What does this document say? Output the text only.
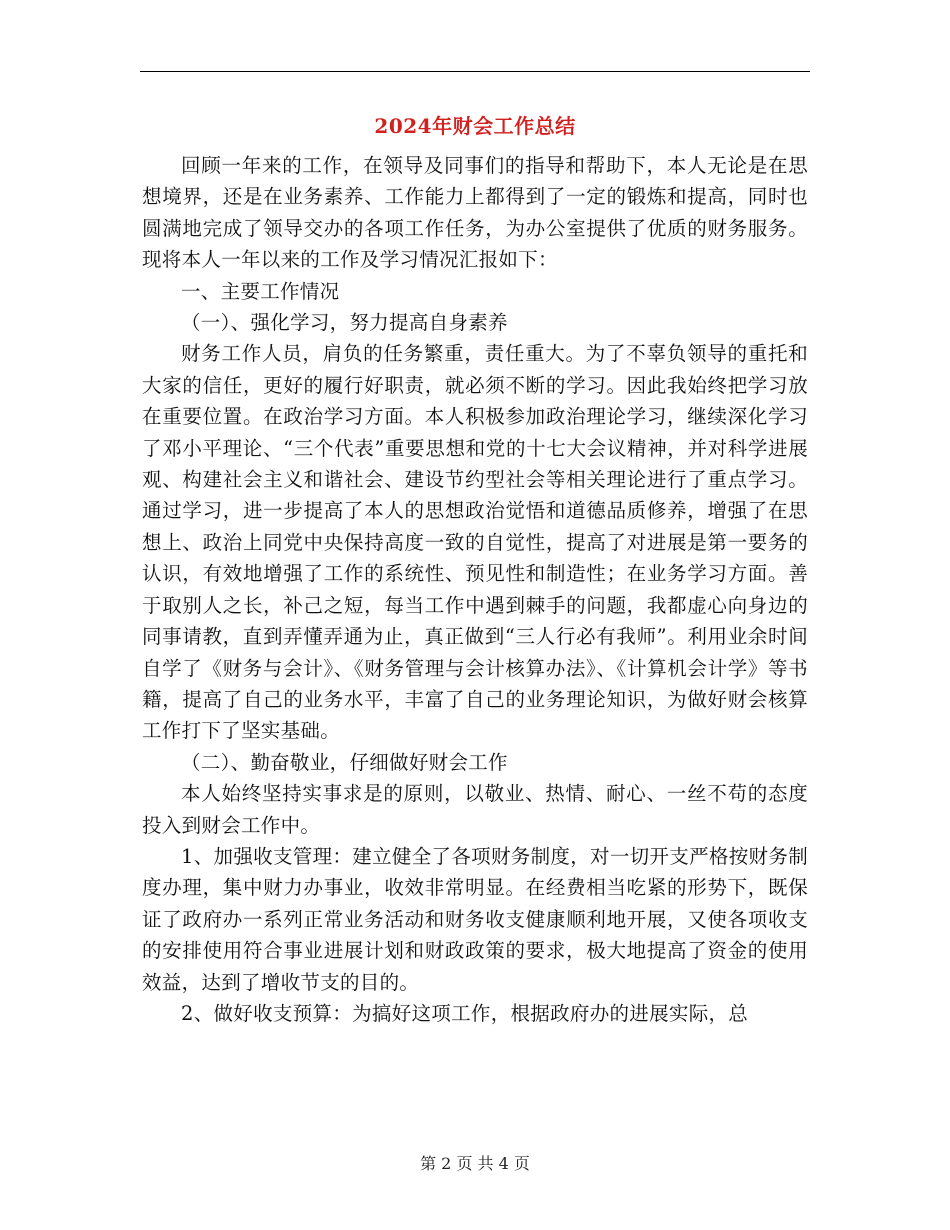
2024年财会工作总结

回顾一年来的工作，在领导及同事们的指导和帮助下，本人无论是在思想境界，还是在业务素养、工作能力上都得到了一定的锻炼和提高，同时也圆满地完成了领导交办的各项工作任务，为办公室提供了优质的财务服务。现将本人一年以来的工作及学习情况汇报如下：

一、主要工作情况

（一）、强化学习，努力提高自身素养

财务工作人员，肩负的任务繁重，责任重大。为了不辜负领导的重托和大家的信任，更好的履行好职责，就必须不断的学习。因此我始终把学习放在重要位置。在政治学习方面。本人积极参加政治理论学习，继续深化学习了邓小平理论、“三个代表”重要思想和党的十七大会议精神，并对科学进展观、构建社会主义和谐社会、建设节约型社会等相关理论进行了重点学习。通过学习，进一步提高了本人的思想政治觉悟和道德品质修养，增强了在思想上、政治上同党中央保持高度一致的自觉性，提高了对进展是第一要务的认识，有效地增强了工作的系统性、预见性和制造性；在业务学习方面。善于取别人之长，补己之短，每当工作中遇到棘手的问题，我都虚心向身边的同事请教，直到弄懂弄通为止，真正做到“三人行必有我师”。利用业余时间自学了《财务与会计》、《财务管理与会计核算办法》、《计算机会计学》等书籍，提高了自己的业务水平，丰富了自己的业务理论知识，为做好财会核算工作打下了坚实基础。

（二）、勤奋敬业，仔细做好财会工作

本人始终坚持实事求是的原则，以敬业、热情、耐心、一丝不苟的态度投入到财会工作中。

1、加强收支管理：建立健全了各项财务制度，对一切开支严格按财务制度办理，集中财力办事业，收效非常明显。在经费相当吃紧的形势下，既保证了政府办一系列正常业务活动和财务收支健康顺利地开展，又使各项收支的安排使用符合事业进展计划和财政政策的要求，极大地提高了资金的使用效益，达到了增收节支的目的。

2、做好收支预算：为搞好这项工作，根据政府办的进展实际，总

第 2 页 共 4 页
